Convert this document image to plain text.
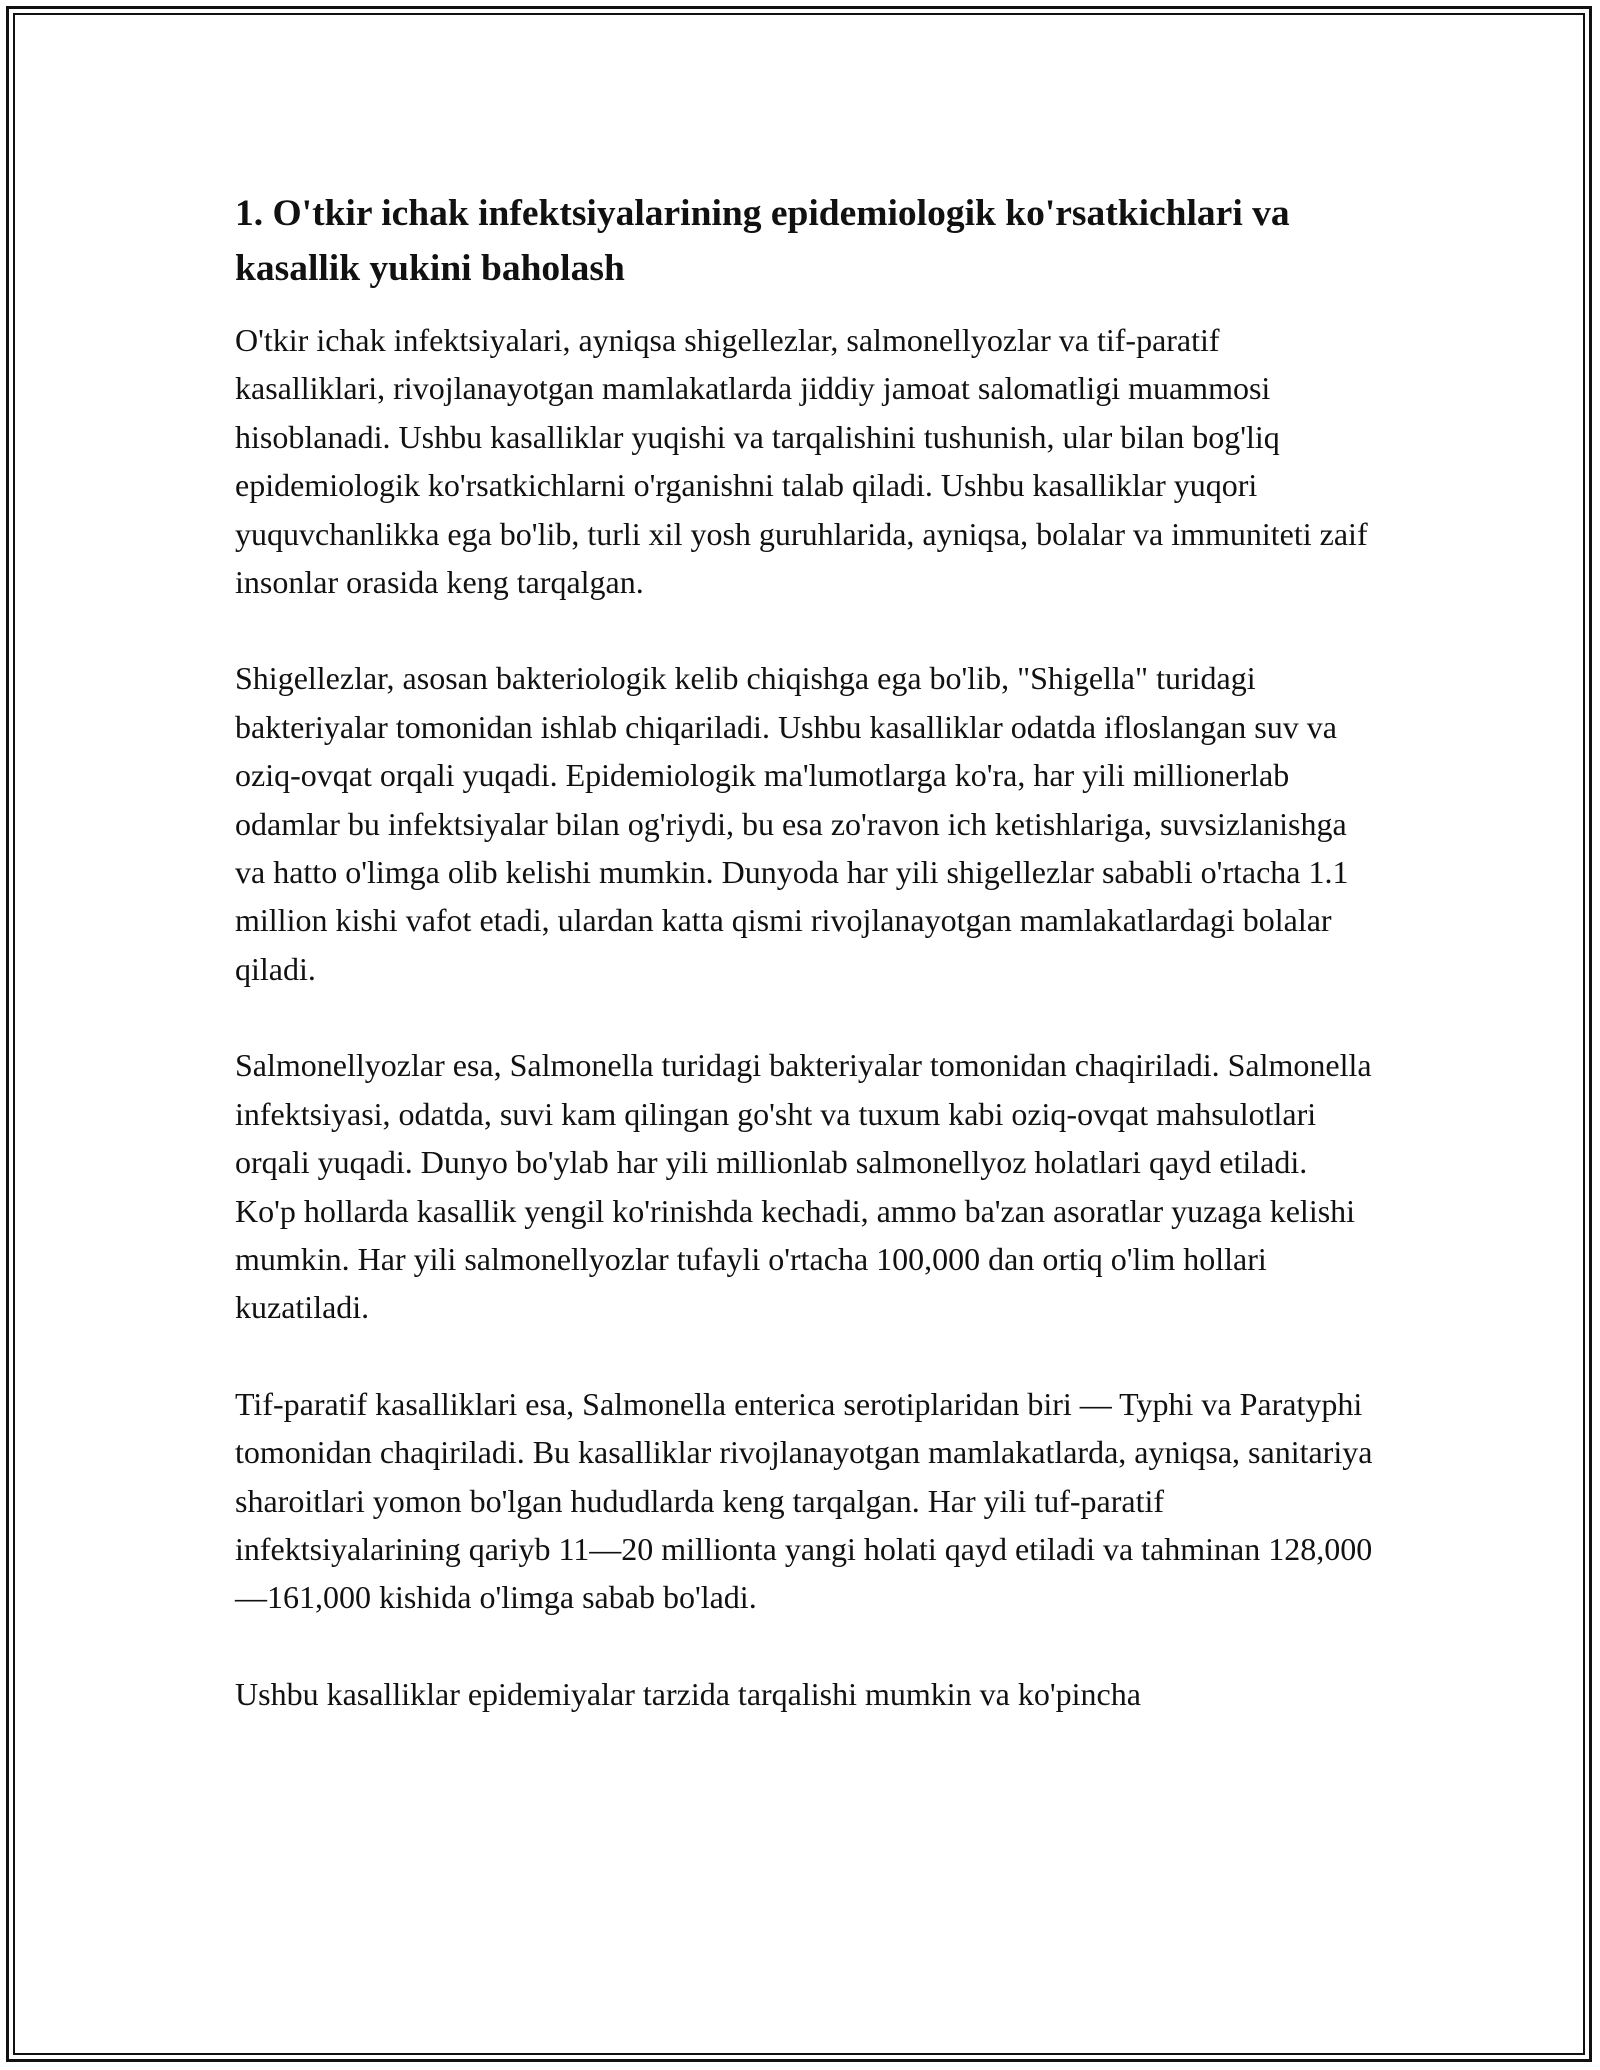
1. O'tkir ichak infektsiyalarining epidemiologik ko'rsatkichlari va kasallik yukini baholash

O'tkir ichak infektsiyalari, ayniqsa shigellezlar, salmonellyozlar va tif-paratif kasalliklari, rivojlanayotgan mamlakatlarda jiddiy jamoat salomatligi muammosi hisoblanadi. Ushbu kasalliklar yuqishi va tarqalishini tushunish, ular bilan bog'liq epidemiologik ko'rsatkichlarni o'rganishni talab qiladi. Ushbu kasalliklar yuqori yuquvchanlikka ega bo'lib, turli xil yosh guruhlarida, ayniqsa, bolalar va immuniteti zaif insonlar orasida keng tarqalgan.

Shigellezlar, asosan bakteriologik kelib chiqishga ega bo'lib, "Shigella" turidagi bakteriyalar tomonidan ishlab chiqariladi. Ushbu kasalliklar odatda ifloslangan suv va oziq-ovqat orqali yuqadi. Epidemiologik ma'lumotlarga ko'ra, har yili millionerlab odamlar bu infektsiyalar bilan og'riydi, bu esa zo'ravon ich ketishlariga, suvsizlanishga va hatto o'limga olib kelishi mumkin. Dunyoda har yili shigellezlar sababli o'rtacha 1.1 million kishi vafot etadi, ulardan katta qismi rivojlanayotgan mamlakatlardagi bolalar qiladi.

Salmonellyozlar esa, Salmonella turidagi bakteriyalar tomonidan chaqiriladi. Salmonella infektsiyasi, odatda, suvi kam qilingan go'sht va tuxum kabi oziq-ovqat mahsulotlari orqali yuqadi. Dunyo bo'ylab har yili millionlab salmonellyoz holatlari qayd etiladi. Ko'p hollarda kasallik yengil ko'rinishda kechadi, ammo ba'zan asoratlar yuzaga kelishi mumkin. Har yili salmonellyozlar tufayli o'rtacha 100,000 dan ortiq o'lim hollari kuzatiladi.

Tif-paratif kasalliklari esa, Salmonella enterica serotiplaridan biri — Typhi va Paratyphi tomonidan chaqiriladi. Bu kasalliklar rivojlanayotgan mamlakatlarda, ayniqsa, sanitariya sharoitlari yomon bo'lgan hududlarda keng tarqalgan. Har yili tuf-paratif infektsiyalarining qariyb 11—20 millionta yangi holati qayd etiladi va tahminan 128,000—161,000 kishida o'limga sabab bo'ladi.

Ushbu kasalliklar epidemiyalar tarzida tarqalishi mumkin va ko'pincha
